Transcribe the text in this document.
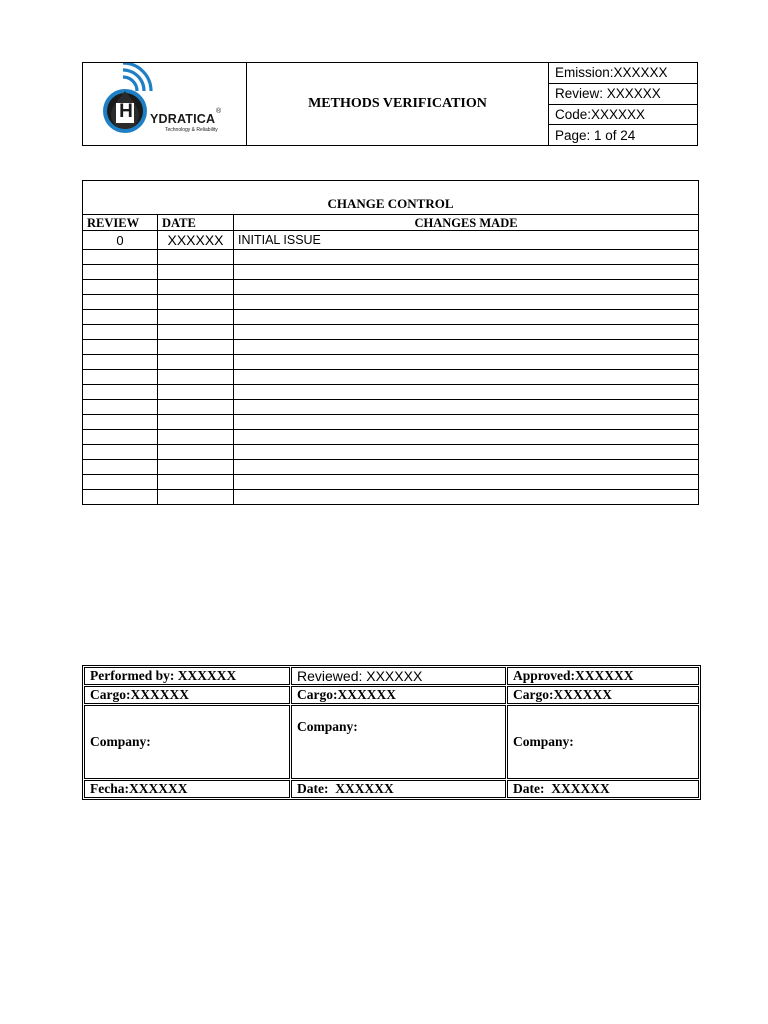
H YDRATICA
®
Technology & Reliability
METHODS VERIFICATION
Emission:XXXXXX
Review: XXXXXX
Code:XXXXXX
Page: 1 of 24
CHANGE CONTROL		
REVIEW	DATE	CHANGES MADE
0	XXXXXX	INITIAL ISSUE

Performed by: XXXXXX	Reviewed: XXXXXX	Approved:XXXXXX
Cargo:XXXXXX	Cargo:XXXXXX	Cargo:XXXXXX
Company:	Company:	Company:
Fecha:XXXXXX	Date:  XXXXXX	Date:  XXXXXX
